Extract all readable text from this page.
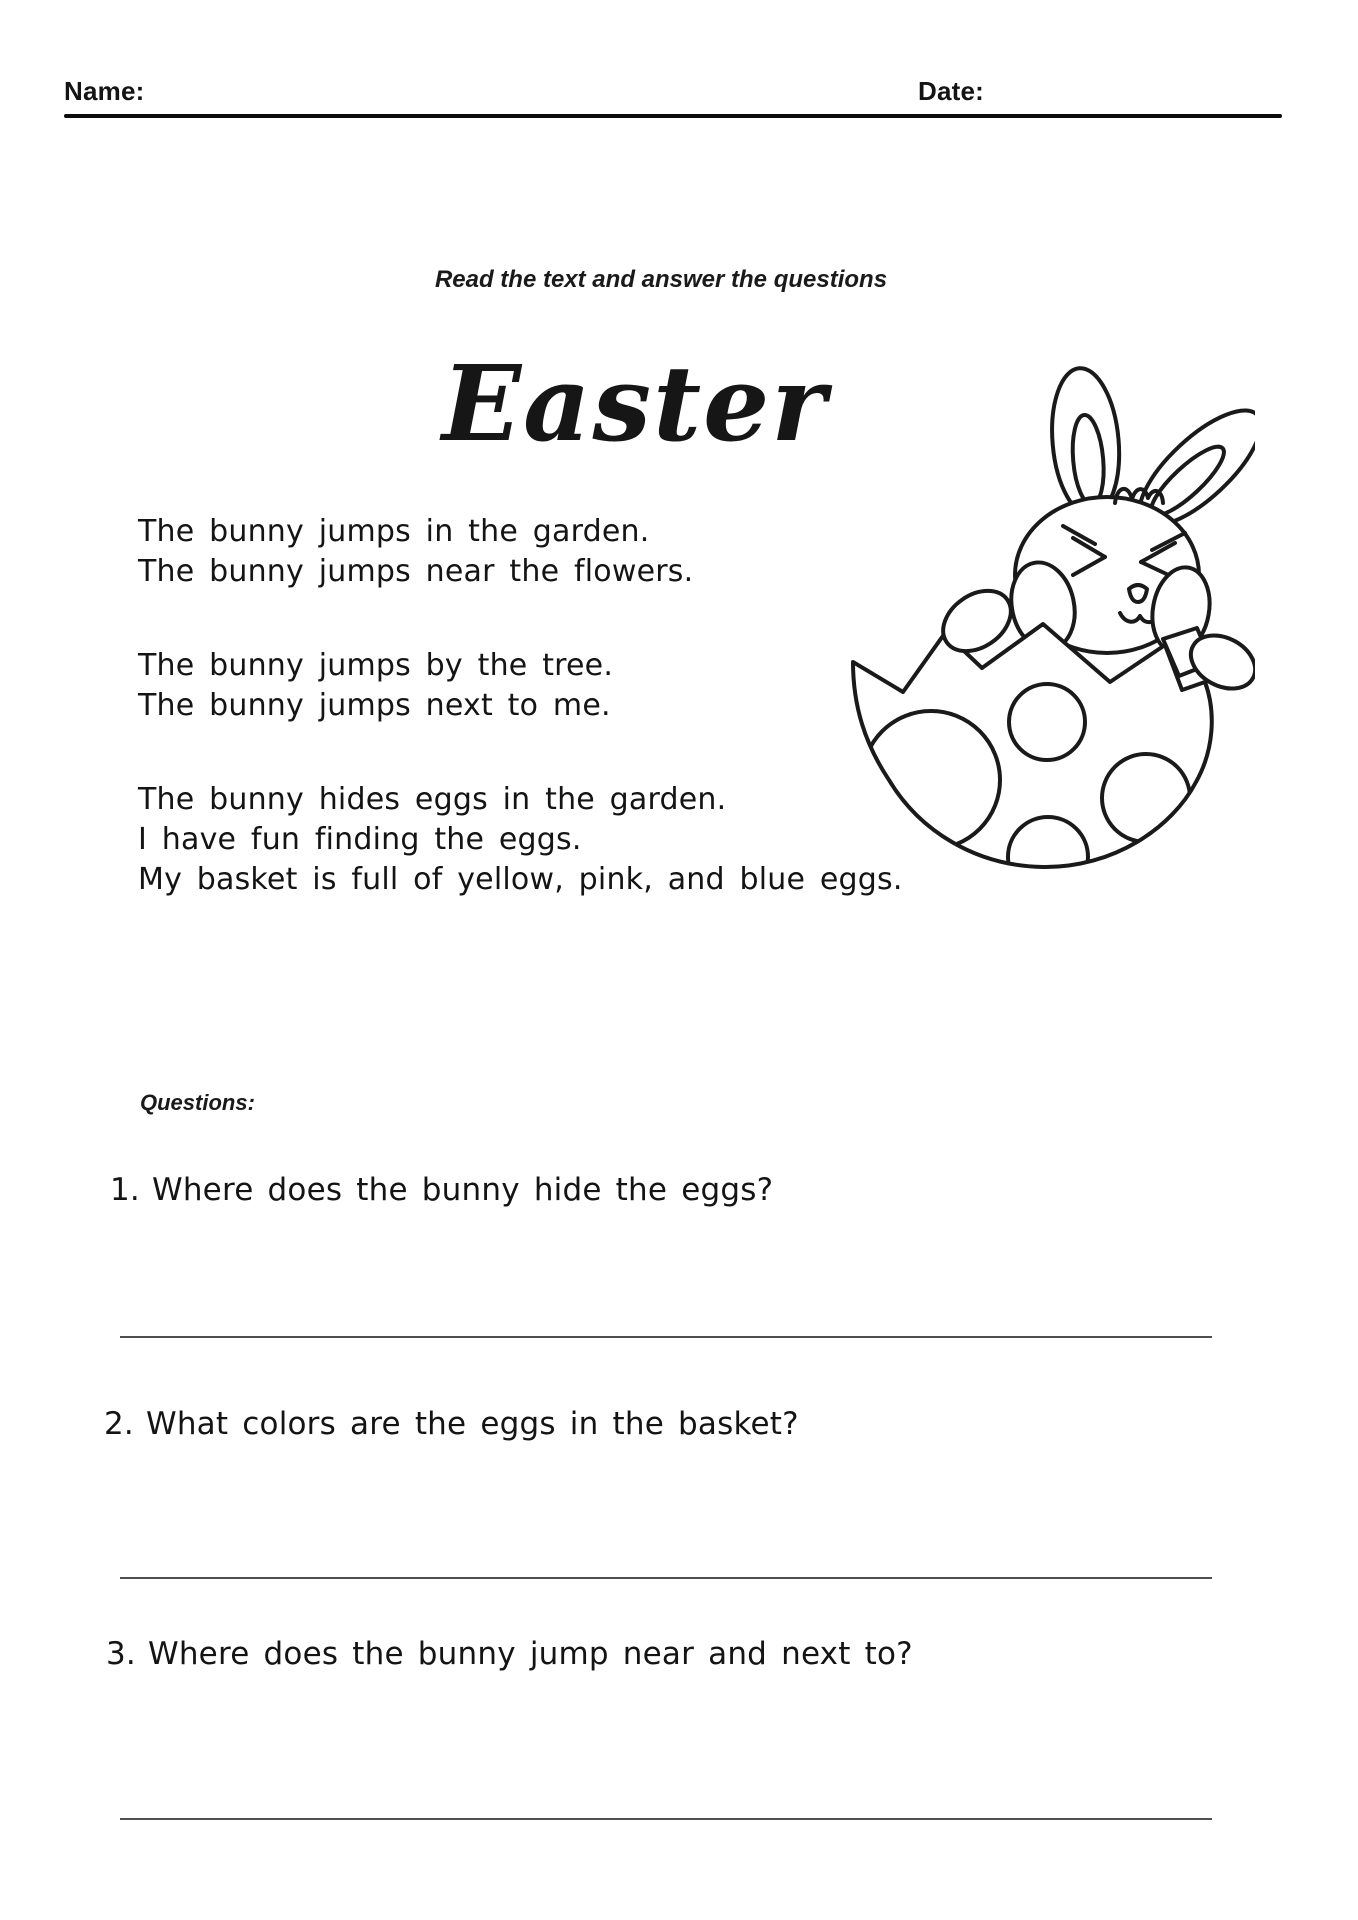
Name:	Date:
Read the text and answer the questions
Easter
The bunny jumps in the garden.
The bunny jumps near the flowers.
The bunny jumps by the tree.
The bunny jumps next to me.
The bunny hides eggs in the garden.
I have fun finding the eggs.
My basket is full of yellow, pink, and blue eggs.
Questions:
1. Where does the bunny hide the eggs?
2. What colors are the eggs in the basket?
3. Where does the bunny jump near and next to?
